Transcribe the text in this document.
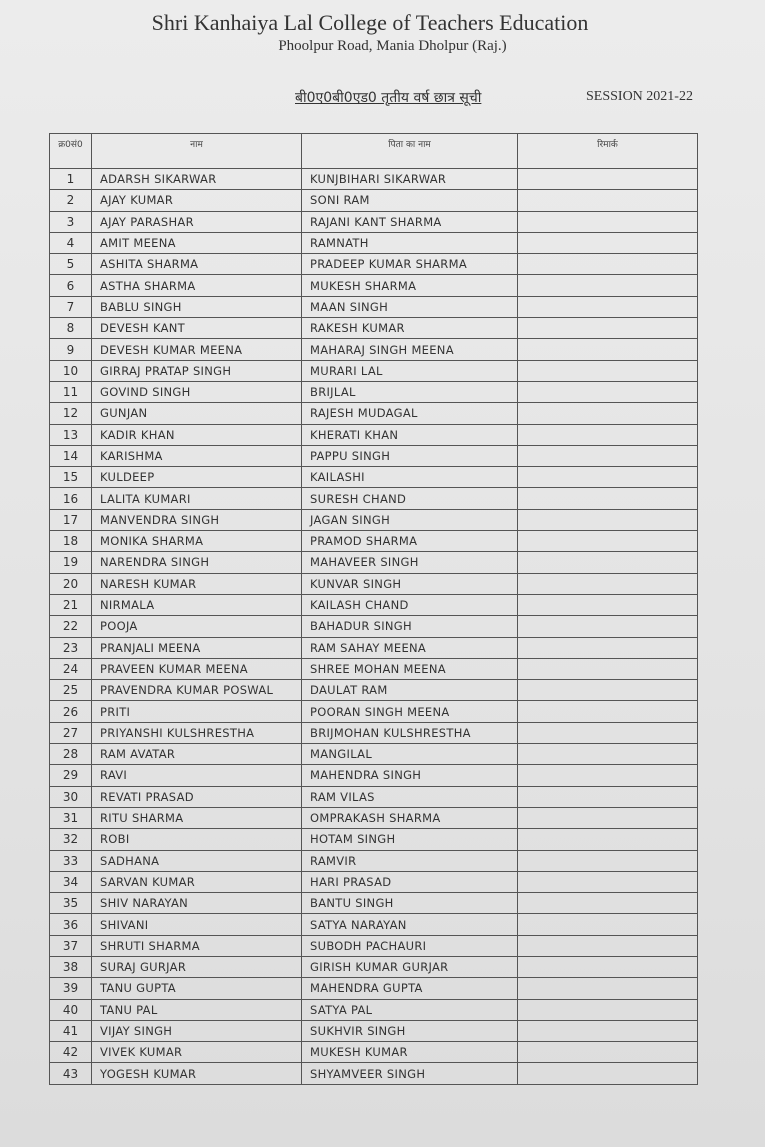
Shri Kanhaiya Lal College of Teachers Education
Phoolpur Road, Mania Dholpur (Raj.)
बी0ए0बी0एड0 तृतीय वर्ष छात्र सूची	SESSION 2021-22
क्र0सं0	नाम	पिता का नाम	रिमार्क
1	ADARSH SIKARWAR	KUNJBIHARI SIKARWAR	
2	AJAY KUMAR	SONI RAM	
3	AJAY PARASHAR	RAJANI KANT SHARMA	
4	AMIT MEENA	RAMNATH	
5	ASHITA SHARMA	PRADEEP KUMAR SHARMA	
6	ASTHA SHARMA	MUKESH SHARMA	
7	BABLU SINGH	MAAN SINGH	
8	DEVESH KANT	RAKESH KUMAR	
9	DEVESH KUMAR MEENA	MAHARAJ SINGH MEENA	
10	GIRRAJ PRATAP SINGH	MURARI LAL	
11	GOVIND SINGH	BRIJLAL	
12	GUNJAN	RAJESH MUDAGAL	
13	KADIR KHAN	KHERATI KHAN	
14	KARISHMA	PAPPU SINGH	
15	KULDEEP	KAILASHI	
16	LALITA KUMARI	SURESH CHAND	
17	MANVENDRA SINGH	JAGAN SINGH	
18	MONIKA SHARMA	PRAMOD SHARMA	
19	NARENDRA SINGH	MAHAVEER SINGH	
20	NARESH KUMAR	KUNVAR SINGH	
21	NIRMALA	KAILASH CHAND	
22	POOJA	BAHADUR SINGH	
23	PRANJALI MEENA	RAM SAHAY MEENA	
24	PRAVEEN KUMAR MEENA	SHREE MOHAN MEENA	
25	PRAVENDRA KUMAR POSWAL	DAULAT RAM	
26	PRITI	POORAN SINGH MEENA	
27	PRIYANSHI KULSHRESTHA	BRIJMOHAN KULSHRESTHA	
28	RAM AVATAR	MANGILAL	
29	RAVI	MAHENDRA SINGH	
30	REVATI PRASAD	RAM VILAS	
31	RITU SHARMA	OMPRAKASH SHARMA	
32	ROBI	HOTAM SINGH	
33	SADHANA	RAMVIR	
34	SARVAN KUMAR	HARI PRASAD	
35	SHIV NARAYAN	BANTU SINGH	
36	SHIVANI	SATYA NARAYAN	
37	SHRUTI SHARMA	SUBODH PACHAURI	
38	SURAJ GURJAR	GIRISH KUMAR GURJAR	
39	TANU GUPTA	MAHENDRA GUPTA	
40	TANU PAL	SATYA PAL	
41	VIJAY SINGH	SUKHVIR SINGH	
42	VIVEK KUMAR	MUKESH KUMAR	
43	YOGESH KUMAR	SHYAMVEER SINGH	
